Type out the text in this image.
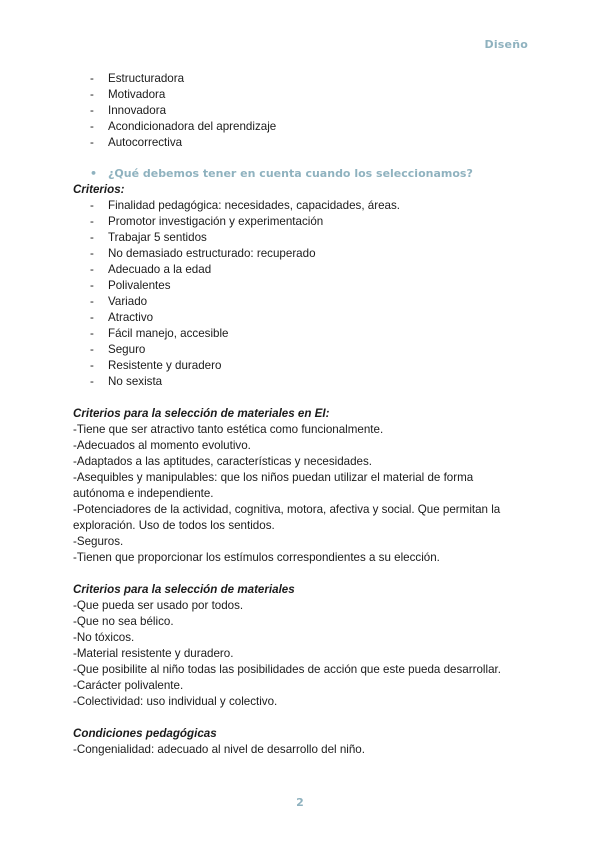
Diseño
- Estructuradora
- Motivadora
- Innovadora
- Acondicionadora del aprendizaje
- Autocorrectiva
• ¿Qué debemos tener en cuenta cuando los seleccionamos?
Criterios:
- Finalidad pedagógica: necesidades, capacidades, áreas.
- Promotor investigación y experimentación
- Trabajar 5 sentidos
- No demasiado estructurado: recuperado
- Adecuado a la edad
- Polivalentes
- Variado
- Atractivo
- Fácil manejo, accesible
- Seguro
- Resistente y duradero
- No sexista
Criterios para la selección de materiales en EI:
-Tiene que ser atractivo tanto estética como funcionalmente.
-Adecuados al momento evolutivo.
-Adaptados a las aptitudes, características y necesidades.
-Asequibles y manipulables: que los niños puedan utilizar el material de forma
autónoma e independiente.
-Potenciadores de la actividad, cognitiva, motora, afectiva y social. Que permitan la
exploración. Uso de todos los sentidos.
-Seguros.
-Tienen que proporcionar los estímulos correspondientes a su elección.
Criterios para la selección de materiales
-Que pueda ser usado por todos.
-Que no sea bélico.
-No tóxicos.
-Material resistente y duradero.
-Que posibilite al niño todas las posibilidades de acción que este pueda desarrollar.
-Carácter polivalente.
-Colectividad: uso individual y colectivo.
Condiciones pedagógicas
-Congenialidad: adecuado al nivel de desarrollo del niño.
2
